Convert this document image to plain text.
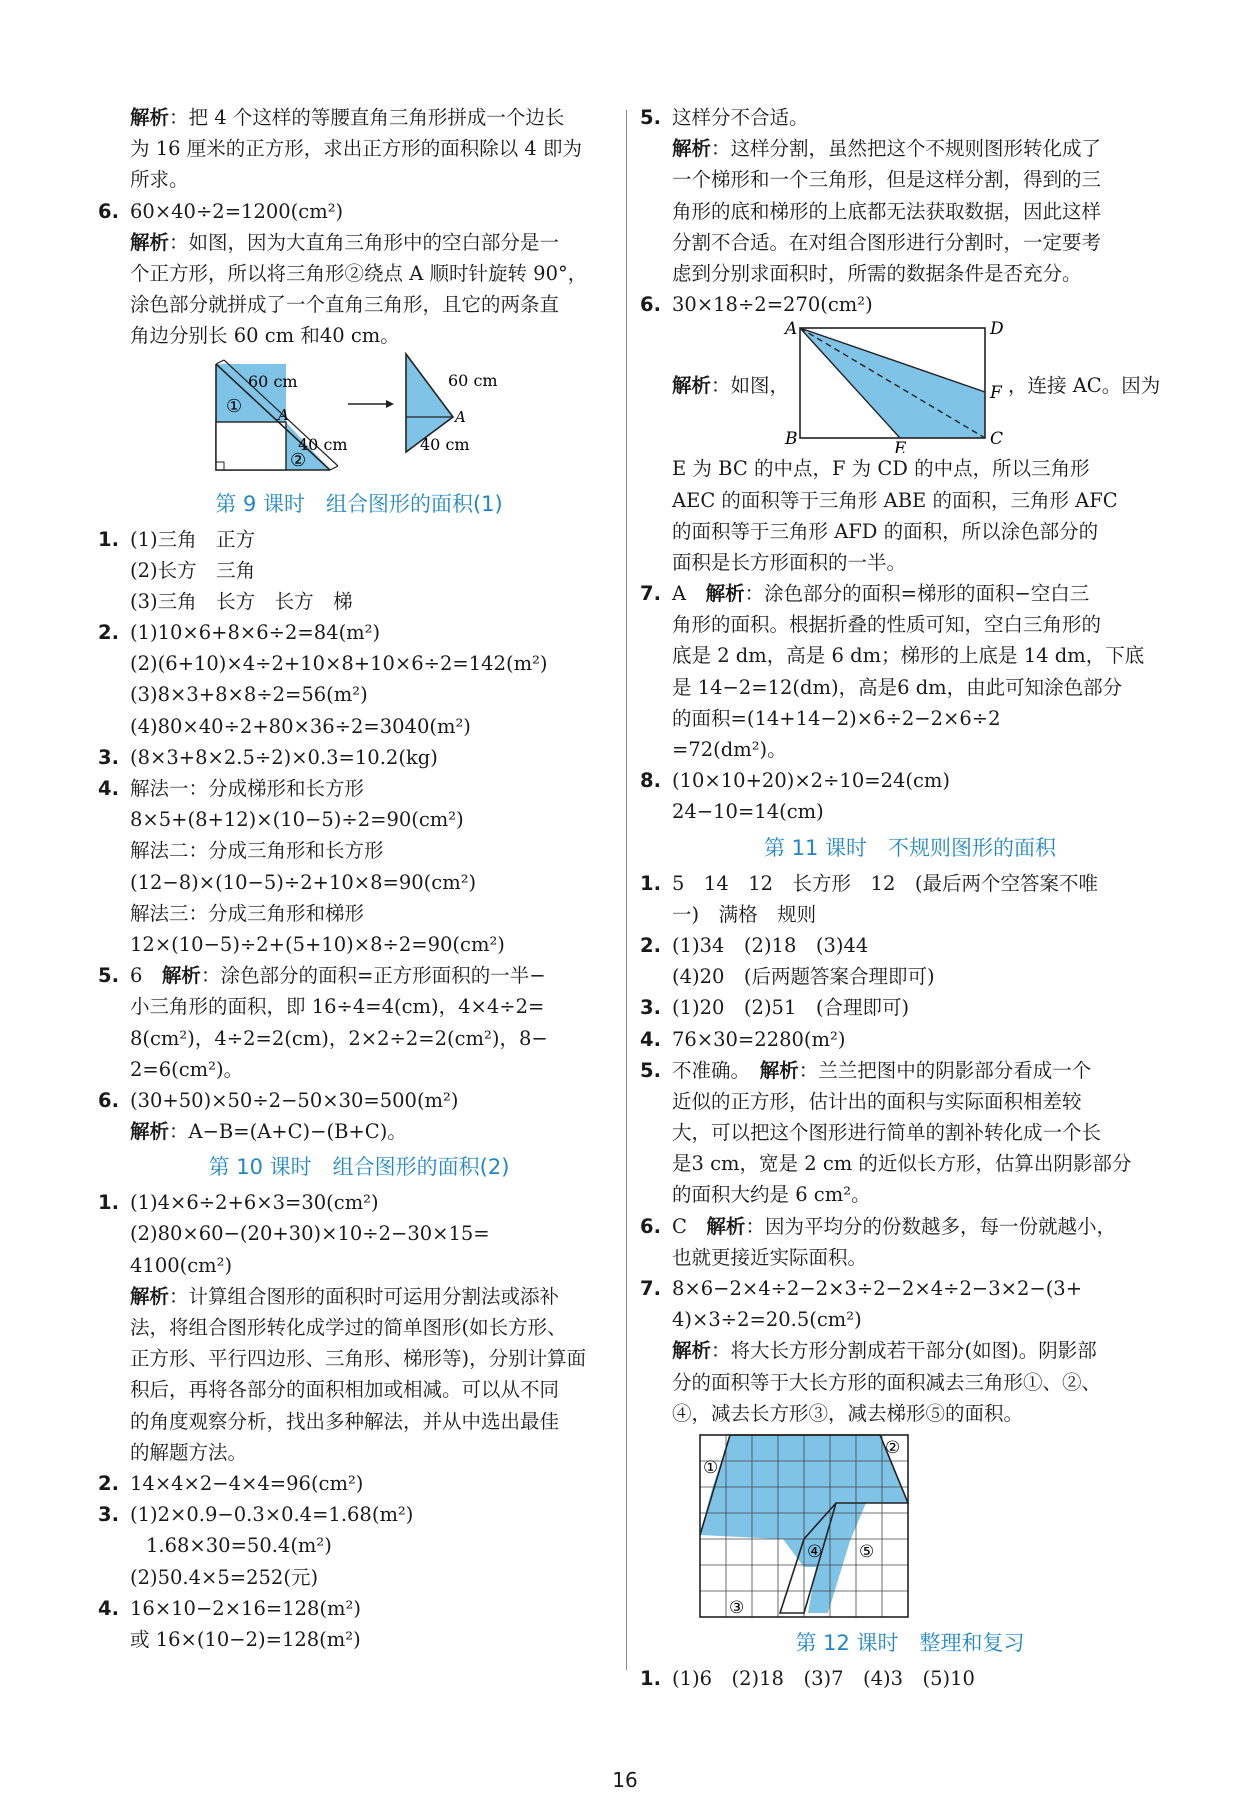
解析：把 4 个这样的等腰直角三角形拼成一个边长
为 16 厘米的正方形，求出正方形的面积除以 4 即为
所求。
6. 60×40÷2=1200(cm²)
解析：如图，因为大直角三角形中的空白部分是一
个正方形，所以将三角形②绕点 A 顺时针旋转 90°，
涂色部分就拼成了一个直角三角形，且它的两条直
角边分别长 60 cm 和40 cm。
60 cm
① A
40 cm
②
60 cm
A
40 cm
第 9 课时　组合图形的面积(1)
1. (1)三角　正方
(2)长方　三角
(3)三角　长方　长方　梯
2. (1)10×6+8×6÷2=84(m²)
(2)(6+10)×4÷2+10×8+10×6÷2=142(m²)
(3)8×3+8×8÷2=56(m²)
(4)80×40÷2+80×36÷2=3040(m²)
3. (8×3+8×2.5÷2)×0.3=10.2(kg)
4. 解法一：分成梯形和长方形
8×5+(8+12)×(10−5)÷2=90(cm²)
解法二：分成三角形和长方形
(12−8)×(10−5)÷2+10×8=90(cm²)
解法三：分成三角形和梯形
12×(10−5)÷2+(5+10)×8÷2=90(cm²)
5. 6　解析：涂色部分的面积=正方形面积的一半−
小三角形的面积，即 16÷4=4(cm)，4×4÷2=
8(cm²)，4÷2=2(cm)，2×2÷2=2(cm²)，8−
2=6(cm²)。
6. (30+50)×50÷2−50×30=500(m²)
解析：A−B=(A+C)−(B+C)。
第 10 课时　组合图形的面积(2)
1. (1)4×6÷2+6×3=30(cm²)
(2)80×60−(20+30)×10÷2−30×15=
4100(cm²)
解析：计算组合图形的面积时可运用分割法或添补
法，将组合图形转化成学过的简单图形(如长方形、
正方形、平行四边形、三角形、梯形等)，分别计算面
积后，再将各部分的面积相加或相减。可以从不同
的角度观察分析，找出多种解法，并从中选出最佳
的解题方法。
2. 14×4×2−4×4=96(cm²)
3. (1)2×0.9−0.3×0.4=1.68(m²)
1.68×30=50.4(m²)
(2)50.4×5=252(元)
4. 16×10−2×16=128(m²)
或 16×(10−2)=128(m²)
5. 这样分不合适。
解析：这样分割，虽然把这个不规则图形转化成了
一个梯形和一个三角形，但是这样分割，得到的三
角形的底和梯形的上底都无法获取数据，因此这样
分割不合适。在对组合图形进行分割时，一定要考
虑到分别求面积时，所需的数据条件是否充分。
6. 30×18÷2=270(cm²)
A	D
F
B	E	C
解析：如图，	，连接 AC。因为
E 为 BC 的中点，F 为 CD 的中点，所以三角形
AEC 的面积等于三角形 ABE 的面积，三角形 AFC
的面积等于三角形 AFD 的面积，所以涂色部分的
面积是长方形面积的一半。
7. A　解析：涂色部分的面积=梯形的面积−空白三
角形的面积。根据折叠的性质可知，空白三角形的
底是 2 dm，高是 6 dm；梯形的上底是 14 dm，下底
是 14−2=12(dm)，高是6 dm，由此可知涂色部分
的面积=(14+14−2)×6÷2−2×6÷2
=72(dm²)。
8. (10×10+20)×2÷10=24(cm)
24−10=14(cm)
第 11 课时　不规则图形的面积
1. 5　14　12　长方形　12　(最后两个空答案不唯
一)　满格　规则
2. (1)34　(2)18　(3)44
(4)20　(后两题答案合理即可)
3. (1)20　(2)51　(合理即可)
4. 76×30=2280(m²)
5. 不准确。　解析：兰兰把图中的阴影部分看成一个
近似的正方形，估计出的面积与实际面积相差较
大，可以把这个图形进行简单的割补转化成一个长
是3 cm，宽是 2 cm 的近似长方形，估算出阴影部分
的面积大约是 6 cm²。
6. C　解析：因为平均分的份数越多，每一份就越小，
也就更接近实际面积。
7. 8×6−2×4÷2−2×3÷2−2×4÷2−3×2−(3+
4)×3÷2=20.5(cm²)
解析：将大长方形分割成若干部分(如图)。阴影部
分的面积等于大长方形的面积减去三角形①、②、
④，减去长方形③，减去梯形⑤的面积。
①
②
③
④ ⑤
第 12 课时　整理和复习
1. (1)6　(2)18　(3)7　(4)3　(5)10
16
